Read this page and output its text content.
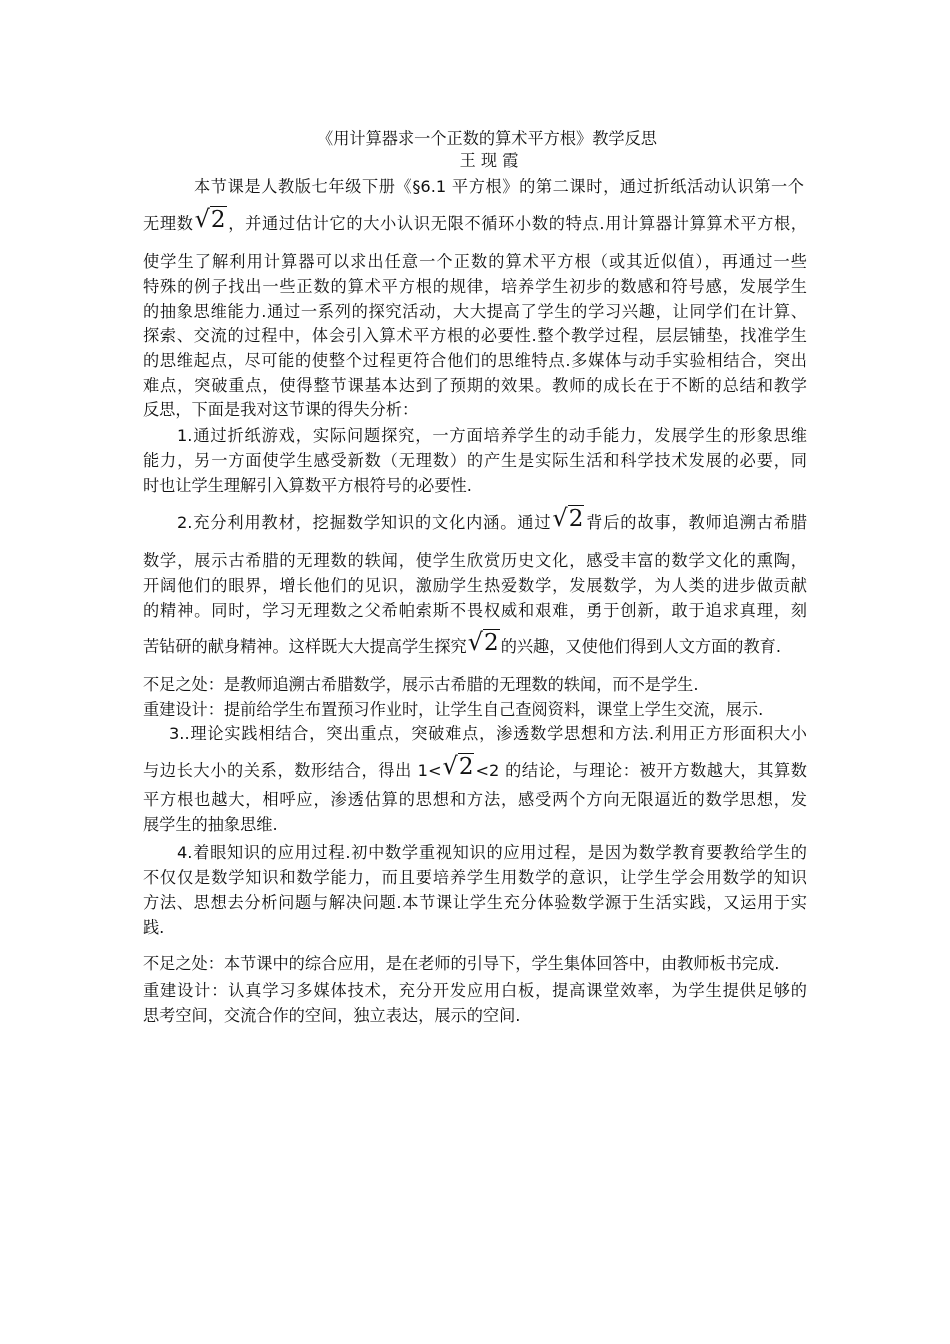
《用计算器求一个正数的算术平方根》教学反思
王 现 霞
本节课是人教版七年级下册《§6.1 平方根》的第二课时，通过折纸活动认识第一个
无理数√2 ，并通过估计它的大小认识无限不循环小数的特点.用计算器计算算术平方根，
使学生了解利用计算器可以求出任意一个正数的算术平方根（或其近似值），再通过一些
特殊的例子找出一些正数的算术平方根的规律，培养学生初步的数感和符号感，发展学生
的抽象思维能力.通过一系列的探究活动，大大提高了学生的学习兴趣，让同学们在计算、
探索、交流的过程中，体会引入算术平方根的必要性.整个教学过程，层层铺垫，找准学生
的思维起点，尽可能的使整个过程更符合他们的思维特点.多媒体与动手实验相结合，突出
难点，突破重点，使得整节课基本达到了预期的效果。教师的成长在于不断的总结和教学
反思，下面是我对这节课的得失分析：
1.通过折纸游戏，实际问题探究，一方面培养学生的动手能力，发展学生的形象思维
能力，另一方面使学生感受新数（无理数）的产生是实际生活和科学技术发展的必要，同
时也让学生理解引入算数平方根符号的必要性.
2.充分利用教材，挖掘数学知识的文化内涵。通过√2 背后的故事，教师追溯古希腊
数学，展示古希腊的无理数的轶闻，使学生欣赏历史文化，感受丰富的数学文化的熏陶，
开阔他们的眼界，增长他们的见识，激励学生热爱数学，发展数学，为人类的进步做贡献
的精神。同时，学习无理数之父希帕索斯不畏权威和艰难，勇于创新，敢于追求真理，刻
苦钻研的献身精神。这样既大大提高学生探究√2 的兴趣，又使他们得到人文方面的教育.
不足之处：是教师追溯古希腊数学，展示古希腊的无理数的轶闻，而不是学生.
重建设计：提前给学生布置预习作业时，让学生自己查阅资料，课堂上学生交流，展示.
3..理论实践相结合，突出重点，突破难点，渗透数学思想和方法.利用正方形面积大小
与边长大小的关系，数形结合，得出 1<√2 <2 的结论，与理论：被开方数越大，其算数
平方根也越大，相呼应，渗透估算的思想和方法，感受两个方向无限逼近的数学思想，发
展学生的抽象思维.
4.着眼知识的应用过程.初中数学重视知识的应用过程，是因为数学教育要教给学生的
不仅仅是数学知识和数学能力，而且要培养学生用数学的意识，让学生学会用数学的知识
方法、思想去分析问题与解决问题.本节课让学生充分体验数学源于生活实践，又运用于实
践.
不足之处：本节课中的综合应用，是在老师的引导下，学生集体回答中，由教师板书完成.
重建设计：认真学习多媒体技术，充分开发应用白板，提高课堂效率，为学生提供足够的
思考空间，交流合作的空间，独立表达，展示的空间.
